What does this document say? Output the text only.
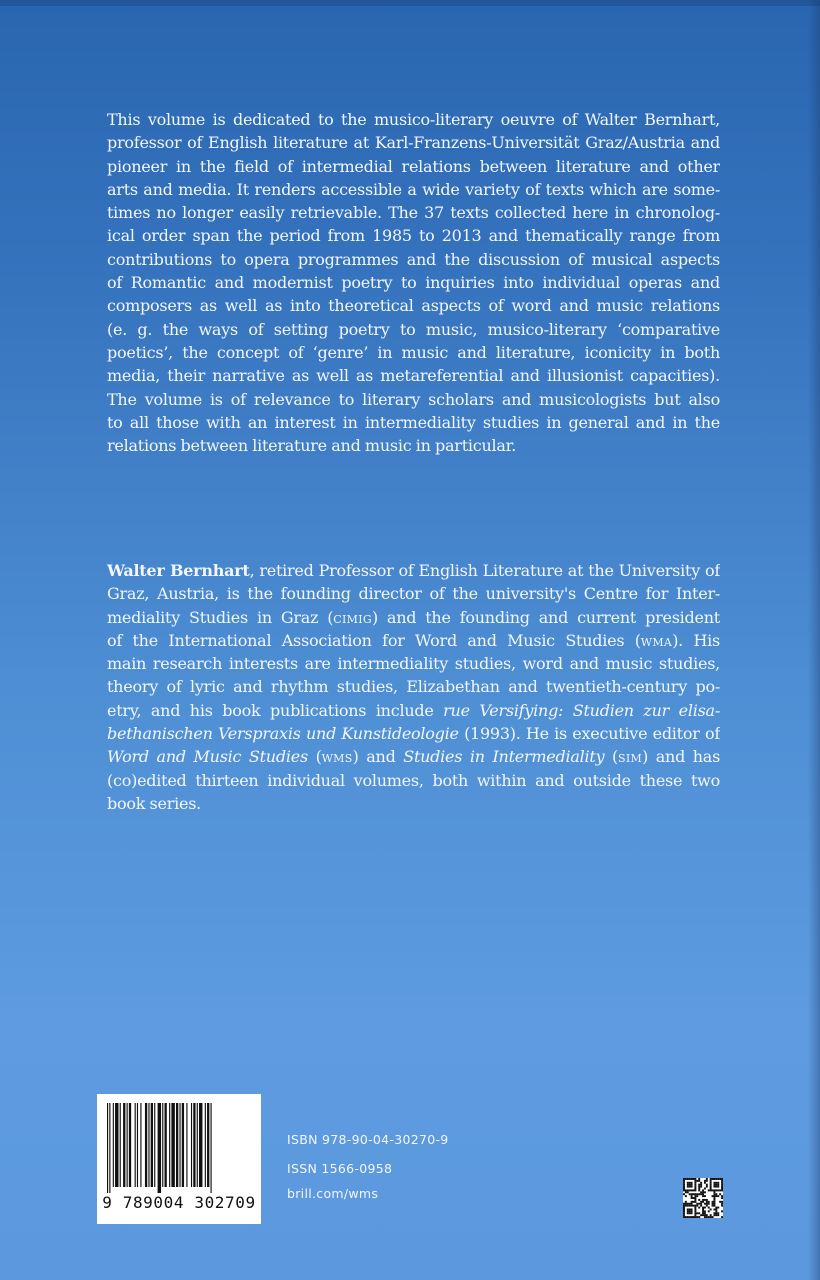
This volume is dedicated to the musico-literary oeuvre of Walter Bernhart,
professor of English literature at Karl-Franzens-Universität Graz/Austria and
pioneer in the field of intermedial relations between literature and other
arts and media. It renders accessible a wide variety of texts which are some-
times no longer easily retrievable. The 37 texts collected here in chronolog-
ical order span the period from 1985 to 2013 and thematically range from
contributions to opera programmes and the discussion of musical aspects
of Romantic and modernist poetry to inquiries into individual operas and
composers as well as into theoretical aspects of word and music relations
(e. g. the ways of setting poetry to music, musico-literary ‘comparative
poetics’, the concept of ‘genre’ in music and literature, iconicity in both
media, their narrative as well as metareferential and illusionist capacities).
The volume is of relevance to literary scholars and musicologists but also
to all those with an interest in intermediality studies in general and in the
relations between literature and music in particular.

Walter Bernhart, retired Professor of English Literature at the University of
Graz, Austria, is the founding director of the university's Centre for Inter-
mediality Studies in Graz (cimig) and the founding and current president
of the International Association for Word and Music Studies (wma). His
main research interests are intermediality studies, word and music studies,
theory of lyric and rhythm studies, Elizabethan and twentieth-century po-
etry, and his book publications include rue Versifying: Studien zur elisa-
bethanischen Verspraxis und Kunstideologie (1993). He is executive editor of
Word and Music Studies (wms) and Studies in Intermediality (sim) and has
(co)edited thirteen individual volumes, both within and outside these two
book series.

9 789004 302709
ISBN 978-90-04-30270-9
ISSN 1566-0958
brill.com/wms
